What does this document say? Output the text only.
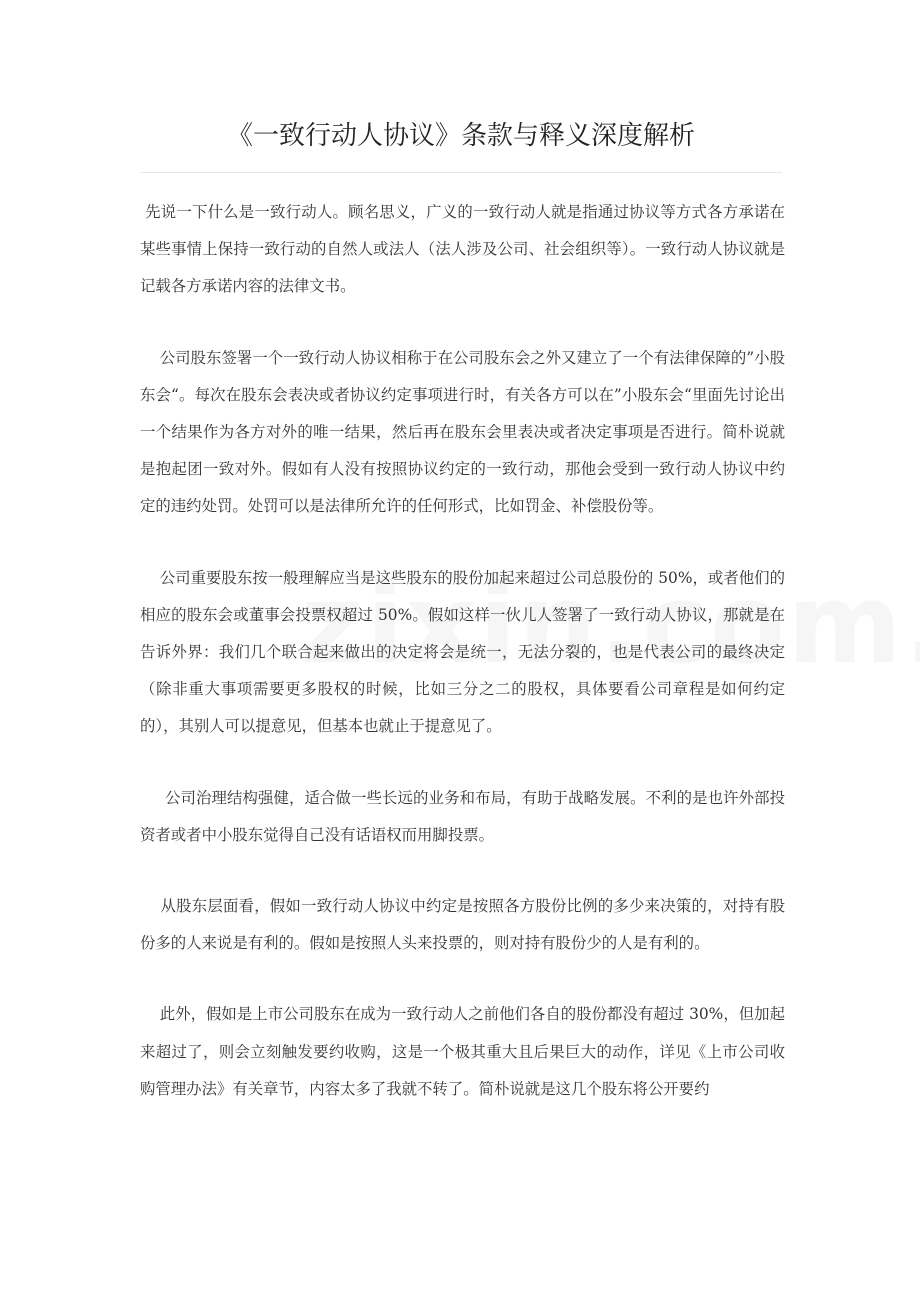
《一致行动人协议》条款与释义深度解析

先说一下什么是一致行动人。顾名思义，广义的一致行动人就是指通过协议等方式各方承诺在某些事情上保持一致行动的自然人或法人（法人涉及公司、社会组织等）。一致行动人协议就是记载各方承诺内容的法律文书。

公司股东签署一个一致行动人协议相称于在公司股东会之外又建立了一个有法律保障的”小股东会“。每次在股东会表决或者协议约定事项进行时，有关各方可以在”小股东会“里面先讨论出一个结果作为各方对外的唯一结果，然后再在股东会里表决或者决定事项是否进行。简朴说就是抱起团一致对外。假如有人没有按照协议约定的一致行动，那他会受到一致行动人协议中约定的违约处罚。处罚可以是法律所允许的任何形式，比如罚金、补偿股份等。

公司重要股东按一般理解应当是这些股东的股份加起来超过公司总股份的 50%，或者他们的相应的股东会或董事会投票权超过 50%。假如这样一伙儿人签署了一致行动人协议，那就是在告诉外界：我们几个联合起来做出的决定将会是统一，无法分裂的，也是代表公司的最终决定（除非重大事项需要更多股权的时候，比如三分之二的股权，具体要看公司章程是如何约定的），其别人可以提意见，但基本也就止于提意见了。

公司治理结构强健，适合做一些长远的业务和布局，有助于战略发展。不利的是也许外部投资者或者中小股东觉得自己没有话语权而用脚投票。

从股东层面看，假如一致行动人协议中约定是按照各方股份比例的多少来决策的，对持有股份多的人来说是有利的。假如是按照人头来投票的，则对持有股份少的人是有利的。

此外，假如是上市公司股东在成为一致行动人之前他们各自的股份都没有超过 30%，但加起来超过了，则会立刻触发要约收购，这是一个极其重大且后果巨大的动作，详见《上市公司收购管理办法》有关章节，内容太多了我就不转了。简朴说就是这几个股东将公开要约
